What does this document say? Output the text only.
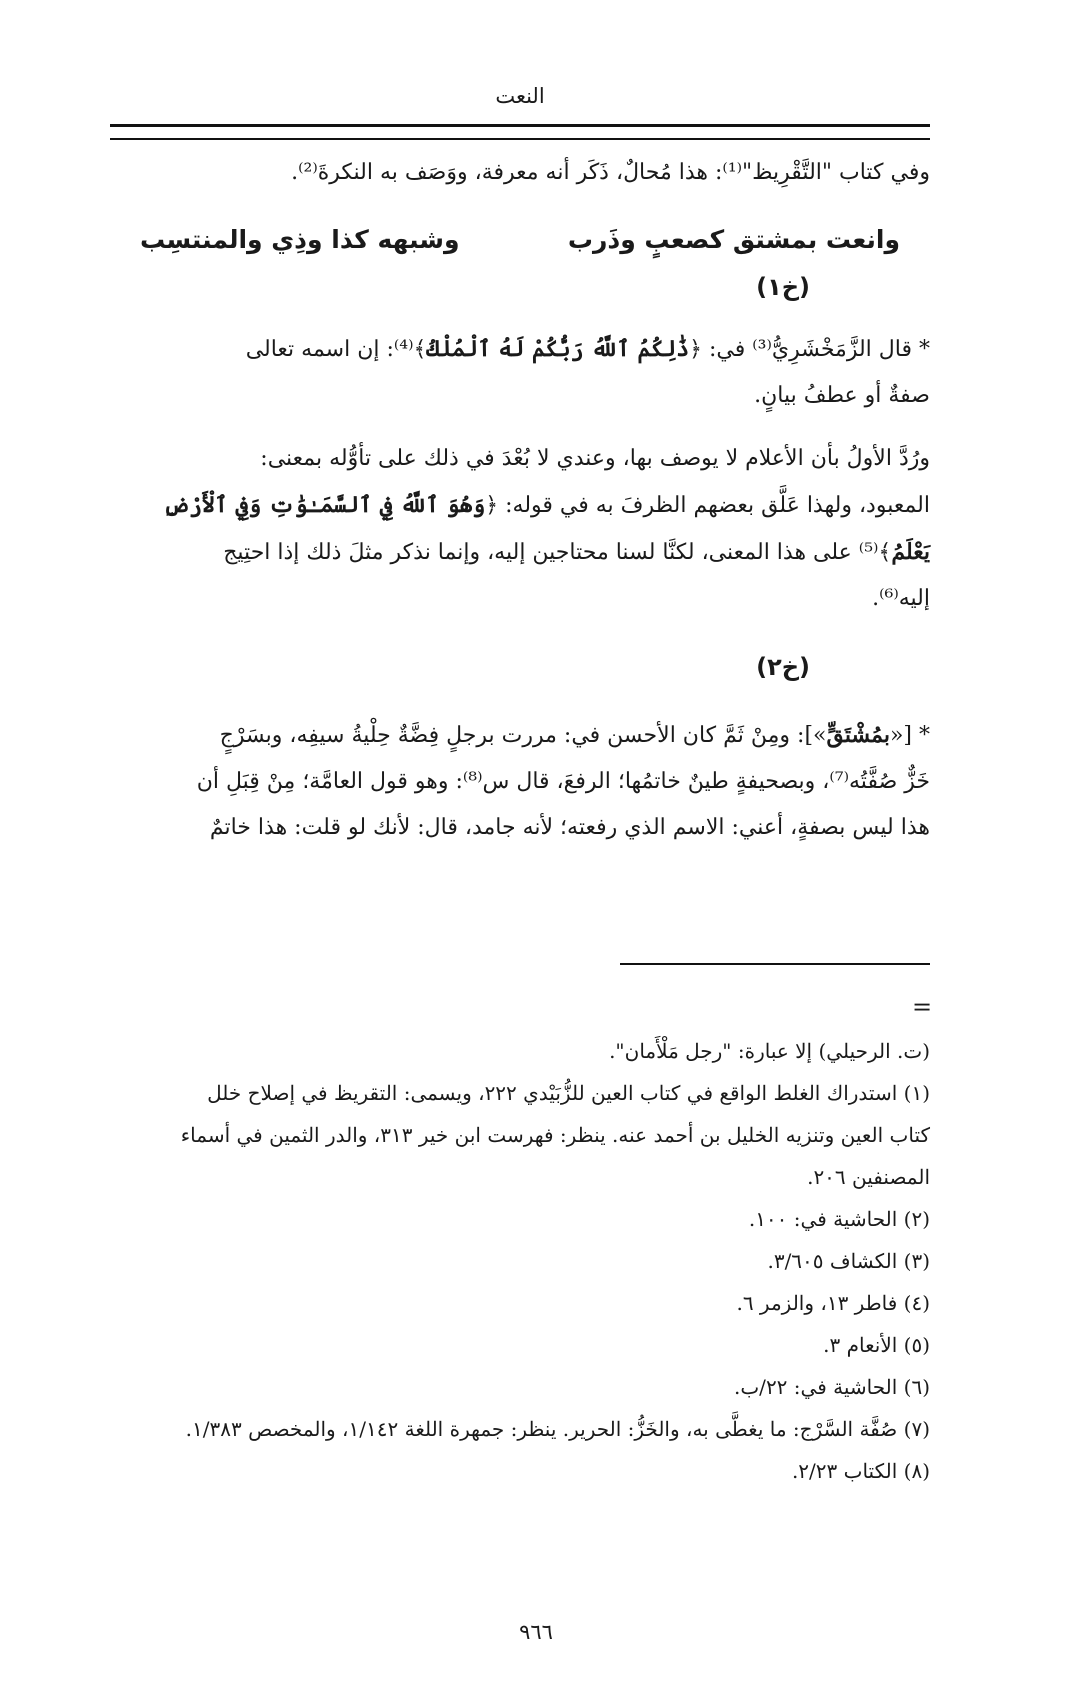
النعت

وفي كتاب "التَّقْرِيظ"⁽¹⁾: هذا مُحالٌ، ذَكَر أنه معرفة، ووَصَف به النكرةَ⁽²⁾.

وانعت بمشتق كصعبٍ وذَرب
وشبهه كذا وذِي والمنتسِب
(خ١)

* قال الزَّمَخْشَرِيُّ⁽³⁾ في: ﴿ذَٰلِكُمُ ٱللَّهُ رَبُّكُمْ لَهُ ٱلْمُلْكُ﴾⁽⁴⁾: إن اسمه تعالى

صفةٌ أو عطفُ بيانٍ.

ورُدَّ الأولُ بأن الأعلام لا يوصف بها، وعندي لا بُعْدَ في ذلك على تأوُّله بمعنى:

المعبود، ولهذا عَلَّق بعضهم الظرفَ به في قوله: ﴿وَهُوَ ٱللَّهُ فِي ٱلسَّمَـٰوَٰتِ وَفِي ٱلْأَرْضِ

يَعْلَمُ﴾⁽⁵⁾ على هذا المعنى، لكنَّا لسنا محتاجين إليه، وإنما نذكر مثلَ ذلك إذا احتِيج

إليه⁽⁶⁾.

(خ٢)

* [«بمُشْتَقٍّ»]: ومِنْ ثَمَّ كان الأحسن في: مررت برجلٍ فِضَّةٌ حِلْيةُ سيفِه، وبسَرْجٍ

خَزٌّ صُفَّتُه⁽⁷⁾، وبصحيفةٍ طينٌ خاتمُها؛ الرفعَ، قال س⁽⁸⁾: وهو قول العامَّة؛ مِنْ قِبَلِ أن

هذا ليس بصفةٍ، أعني: الاسم الذي رفعته؛ لأنه جامد، قال: لأنك لو قلت: هذا خاتمٌ

=
(ت. الرحيلي) إلا عبارة: "رجل مَلْأَمان".
(١) استدراك الغلط الواقع في كتاب العين للزُّبَيْدي ٢٢٢، ويسمى: التقريظ في إصلاح خلل
كتاب العين وتنزيه الخليل بن أحمد عنه. ينظر: فهرست ابن خير ٣١٣، والدر الثمين في أسماء
المصنفين ٢٠٦.
(٢) الحاشية في: ١٠٠.
(٣) الكشاف ٣/٦٠٥.
(٤) فاطر ١٣، والزمر ٦.
(٥) الأنعام ٣.
(٦) الحاشية في: ٢٢/ب.
(٧) صُفَّة السَّرْج: ما يغطَّى به، والخَزُّ: الحرير. ينظر: جمهرة اللغة ١/١٤٢، والمخصص ١/٣٨٣.
(٨) الكتاب ٢/٢٣.
٩٦٦
